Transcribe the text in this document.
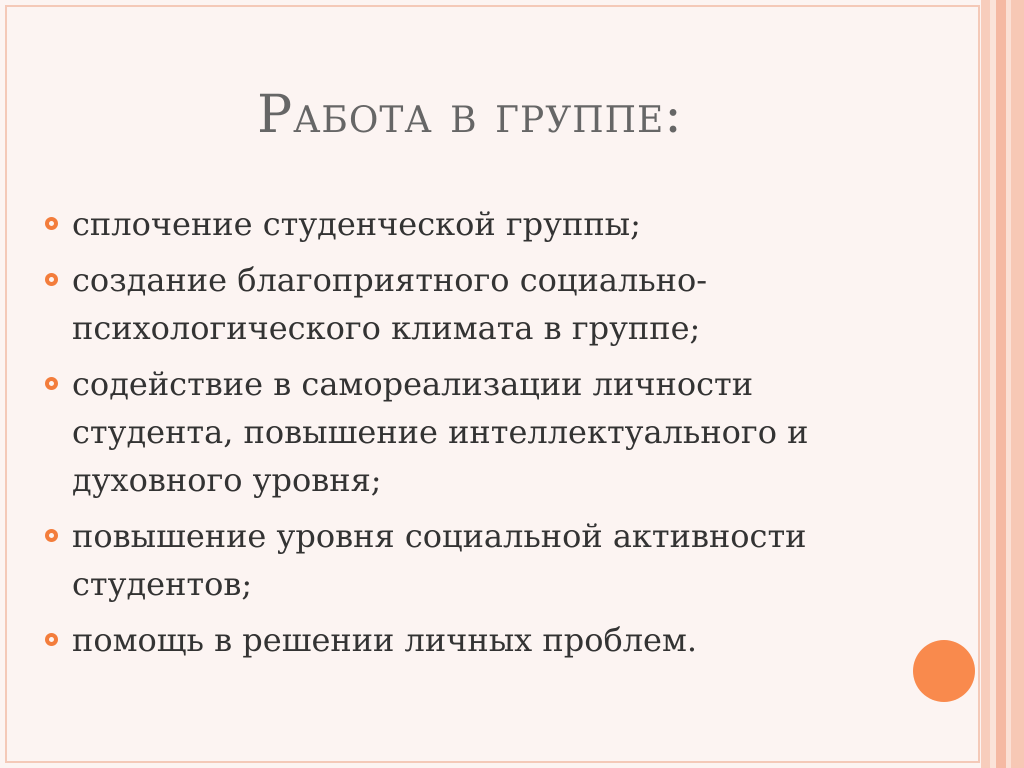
Работа в группе:
сплочение студенческой группы;
создание благоприятного социально-психологического климата в группе;
содействие в самореализации личности студента, повышение интеллектуального и духовного уровня;
повышение уровня социальной активности студентов;
помощь в решении личных проблем.
